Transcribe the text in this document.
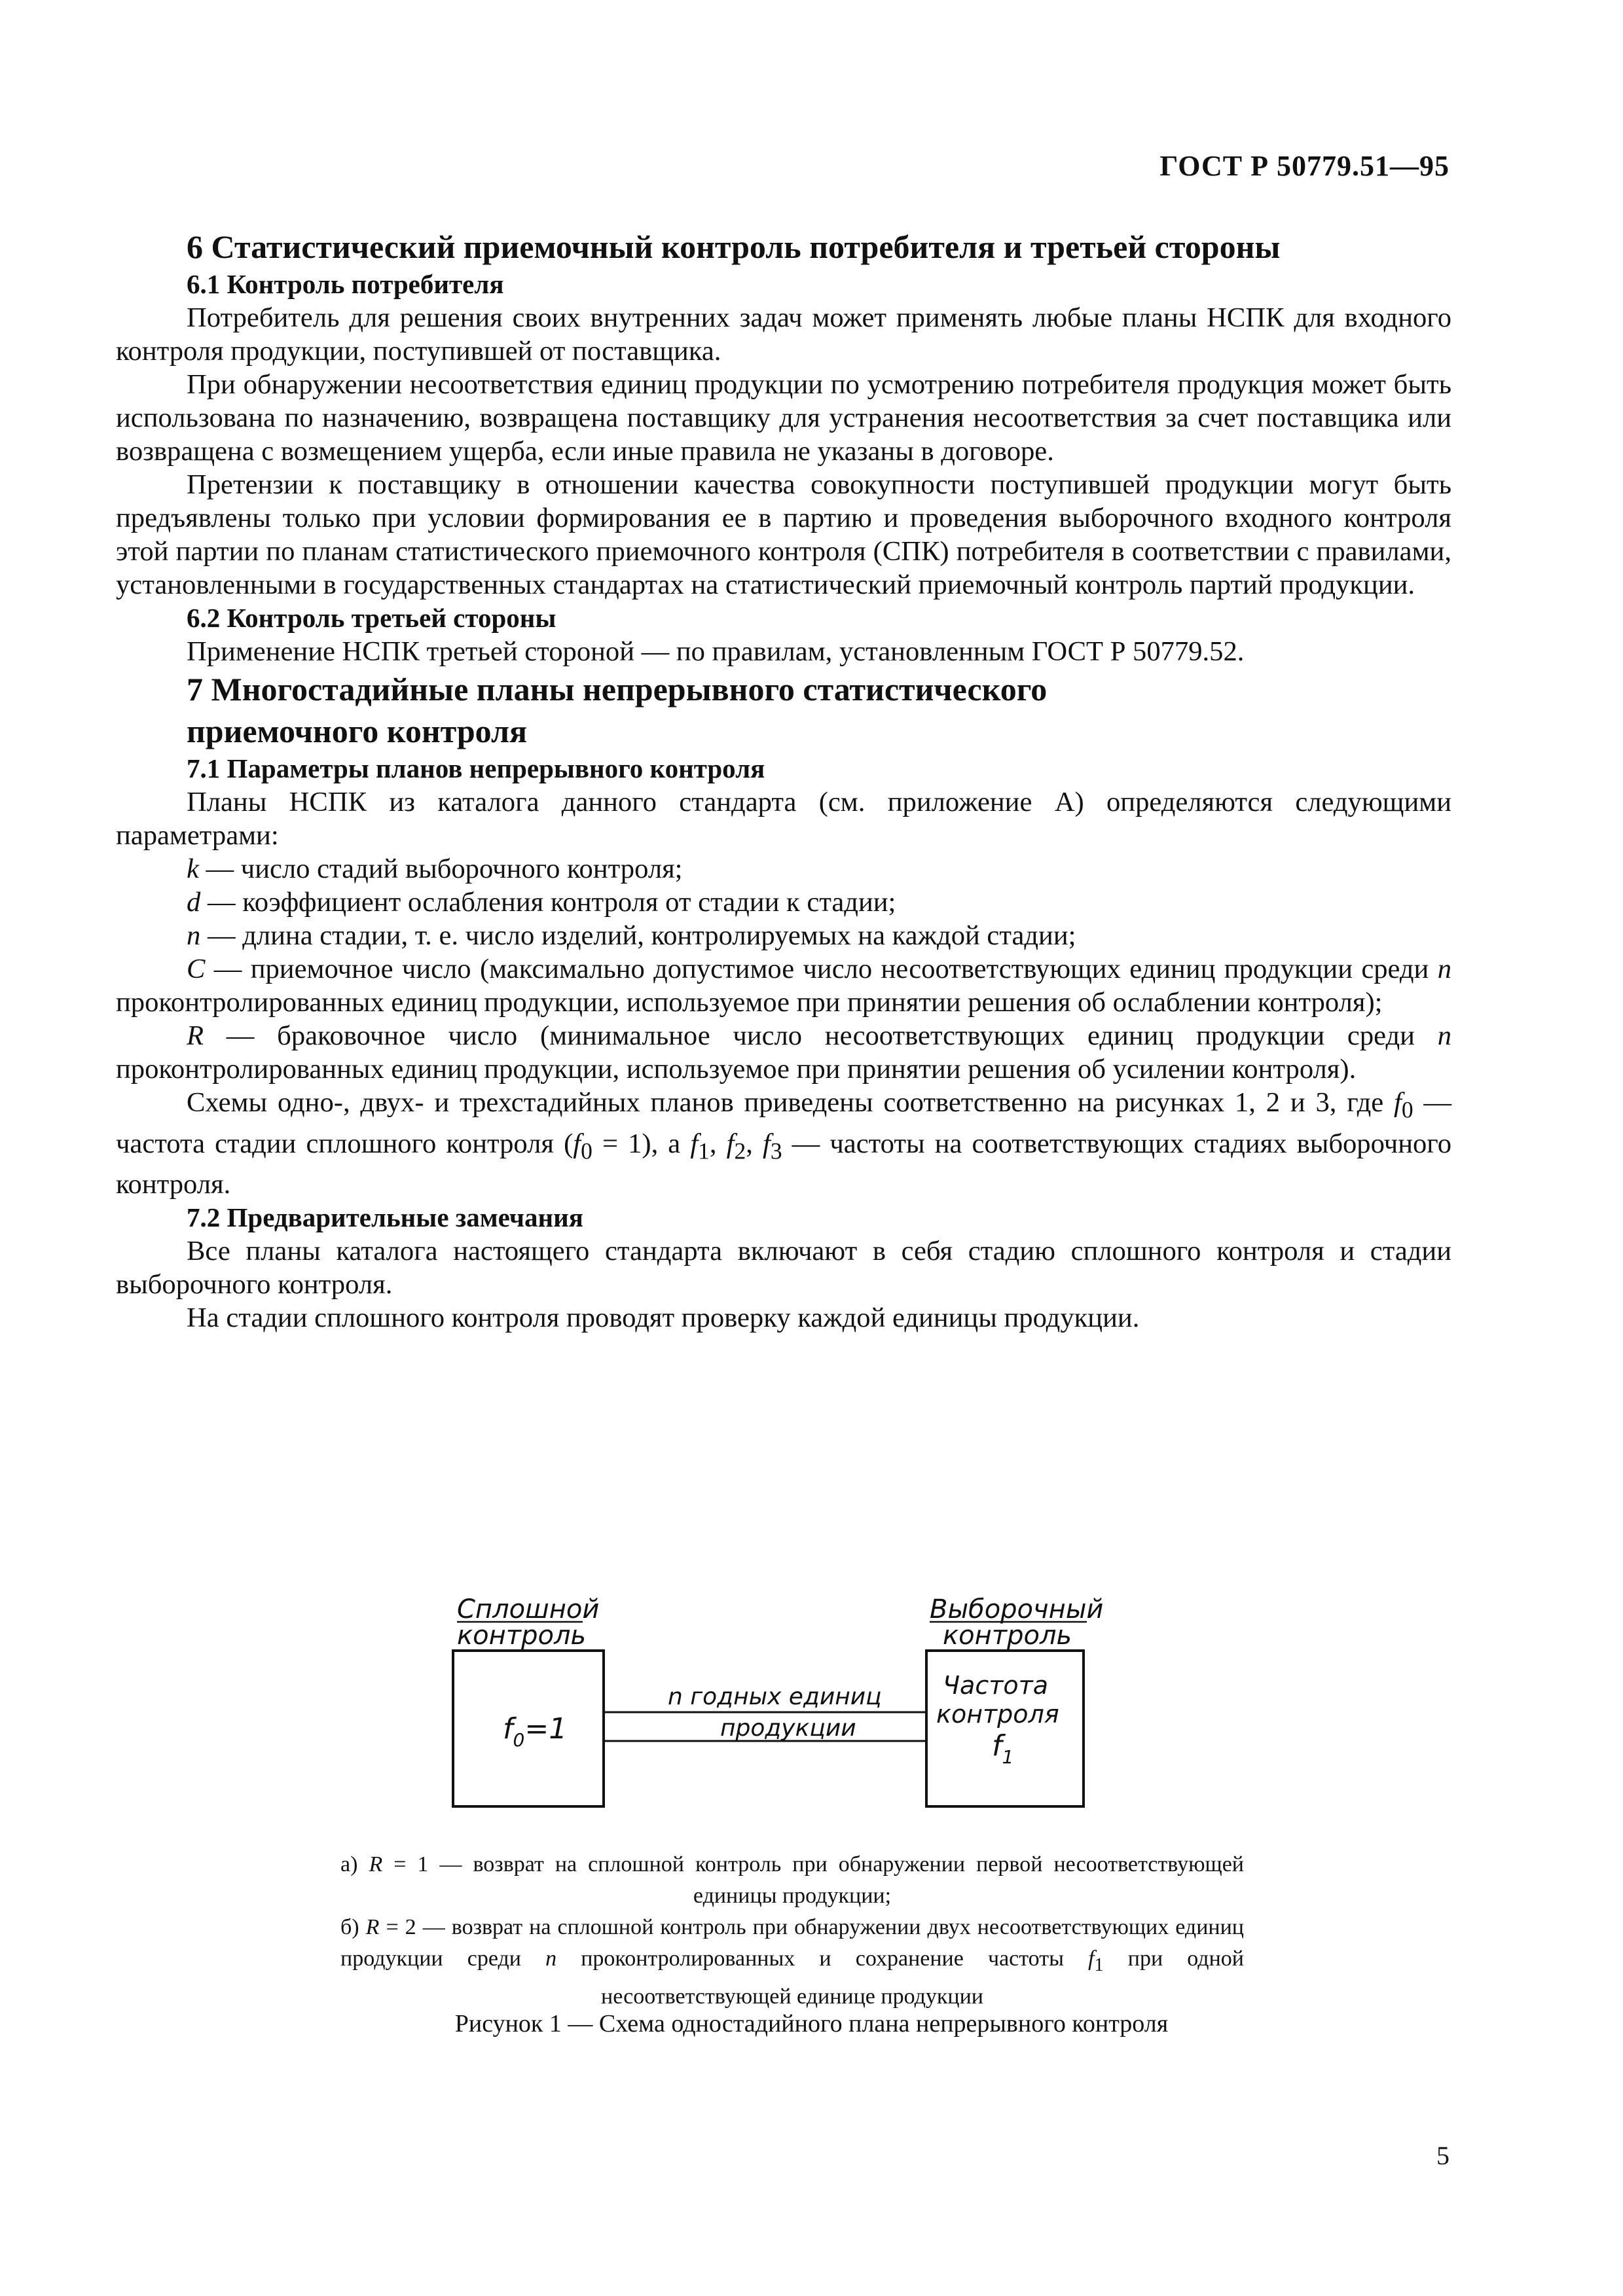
ГОСТ Р 50779.51—95
6 Статистический приемочный контроль потребителя и третьей стороны
6.1 Контроль потребителя

Потребитель для решения своих внутренних задач может применять любые планы НСПК для входного контроля продукции, поступившей от поставщика.

При обнаружении несоответствия единиц продукции по усмотрению потребителя продукция может быть использована по назначению, возвращена поставщику для устранения несоответствия за счет поставщика или возвращена с возмещением ущерба, если иные правила не указаны в договоре.

Претензии к поставщику в отношении качества совокупности поступившей продукции могут быть предъявлены только при условии формирования ее в партию и проведения выборочного входного контроля этой партии по планам статистического приемочного контроля (СПК) потребителя в соответствии с правилами, установленными в государственных стандартах на статистический приемочный контроль партий продукции.

6.2 Контроль третьей стороны

Применение НСПК третьей стороной — по правилам, установленным ГОСТ Р 50779.52.

7 Многостадийные планы непрерывного статистического
приемочного контроля
7.1 Параметры планов непрерывного контроля

Планы НСПК из каталога данного стандарта (см. приложение А) определяются следующими параметрами:

k — число стадий выборочного контроля;

d — коэффициент ослабления контроля от стадии к стадии;

n — длина стадии, т. е. число изделий, контролируемых на каждой стадии;

C — приемочное число (максимально допустимое число несоответствующих единиц продукции среди n проконтролированных единиц продукции, используемое при принятии решения об ослаблении контроля);

R — браковочное число (минимальное число несоответствующих единиц продукции среди n проконтролированных единиц продукции, используемое при принятии решения об усилении контроля).

Схемы одно-, двух- и трехстадийных планов приведены соответственно на рисунках 1, 2 и 3, где $f_0$ — частота стадии сплошного контроля $(f_0 = 1)$, а $f_1$, $f_2$, $f_3$ — частоты на соответствующих стадиях выборочного контроля.

7.2 Предварительные замечания

Все планы каталога настоящего стандарта включают в себя стадию сплошного контроля и стадии выборочного контроля.

На стадии сплошного контроля проводят проверку каждой единицы продукции.

Сплошной
контроль
Выборочный
контроль
$f_0=1$
Частота
контроля
$f_1$
n годных единиц
продукции

а) R = 1 — возврат на сплошной контроль при обнаружении первой несоответствующей единицы продукции;

б) R = 2 — возврат на сплошной контроль при обнаружении двух несоответствующих единиц продукции среди n проконтролированных и сохранение частоты $f_1$ при одной несоответствующей единице продукции

Рисунок 1 — Схема одностадийного плана непрерывного контроля
5
